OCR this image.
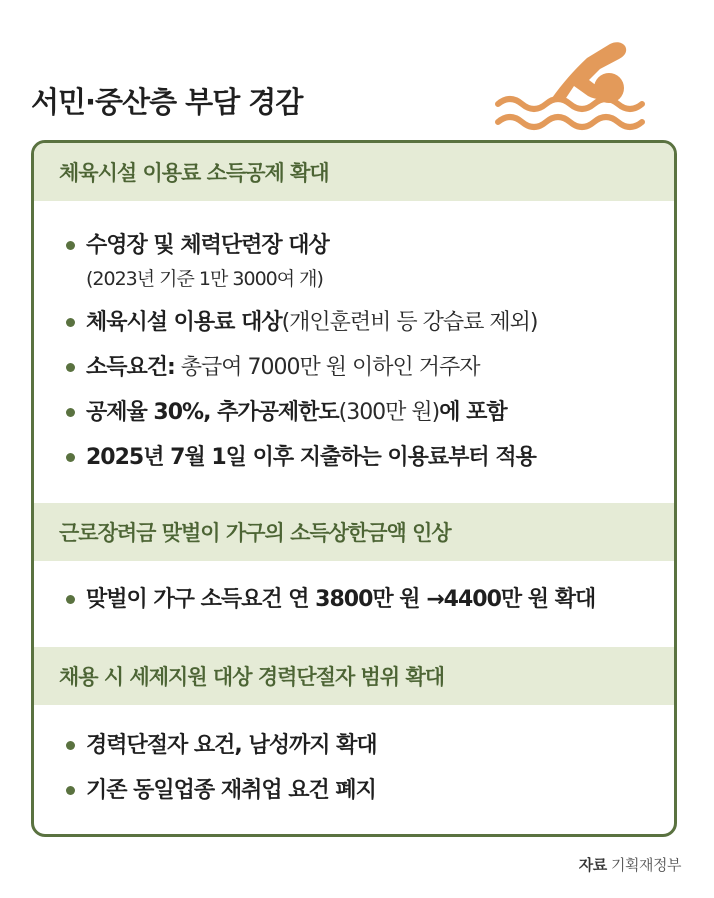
서민·중산층 부담 경감
체육시설 이용료 소득공제 확대
수영장 및 체력단련장 대상
(2023년 기준 1만 3000여 개)
체육시설 이용료 대상(개인훈련비 등 강습료 제외)
소득요건: 총급여 7000만 원 이하인 거주자
공제율 30%, 추가공제한도(300만 원)에 포함
2025년 7월 1일 이후 지출하는 이용료부터 적용
근로장려금 맞벌이 가구의 소득상한금액 인상
맞벌이 가구 소득요건 연 3800만 원 →4400만 원 확대
채용 시 세제지원 대상 경력단절자 범위 확대
경력단절자 요건, 남성까지 확대
기존 동일업종 재취업 요건 폐지
자료 기획재정부
